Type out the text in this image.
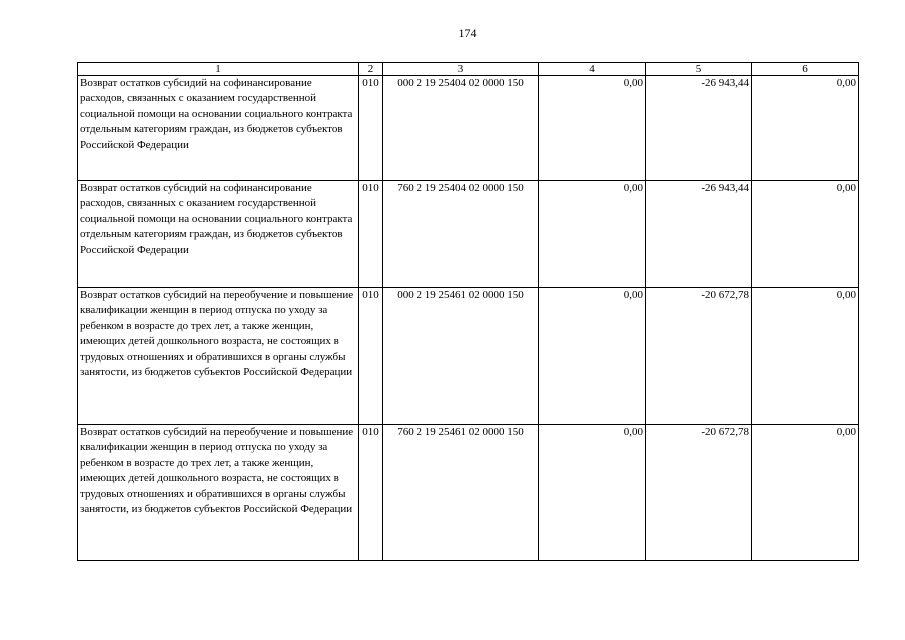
174
1	2	3	4	5	6
Возврат остатков субсидий на софинансирование расходов, связанных с оказанием государственной социальной помощи на основании социального контракта отдельным категориям граждан, из бюджетов субъектов Российской Федерации	010	000 2 19 25404 02 0000 150	0,00	-26 943,44	0,00
Возврат остатков субсидий на софинансирование расходов, связанных с оказанием государственной социальной помощи на основании социального контракта отдельным категориям граждан, из бюджетов субъектов Российской Федерации	010	760 2 19 25404 02 0000 150	0,00	-26 943,44	0,00
Возврат остатков субсидий на переобучение и повышение квалификации женщин в период отпуска по уходу за ребенком в возрасте до трех лет, а также женщин, имеющих детей дошкольного возраста, не состоящих в трудовых отношениях и обратившихся в органы службы занятости, из бюджетов субъектов Российской Федерации	010	000 2 19 25461 02 0000 150	0,00	-20 672,78	0,00
Возврат остатков субсидий на переобучение и повышение квалификации женщин в период отпуска по уходу за ребенком в возрасте до трех лет, а также женщин, имеющих детей дошкольного возраста, не состоящих в трудовых отношениях и обратившихся в органы службы занятости, из бюджетов субъектов Российской Федерации	010	760 2 19 25461 02 0000 150	0,00	-20 672,78	0,00
